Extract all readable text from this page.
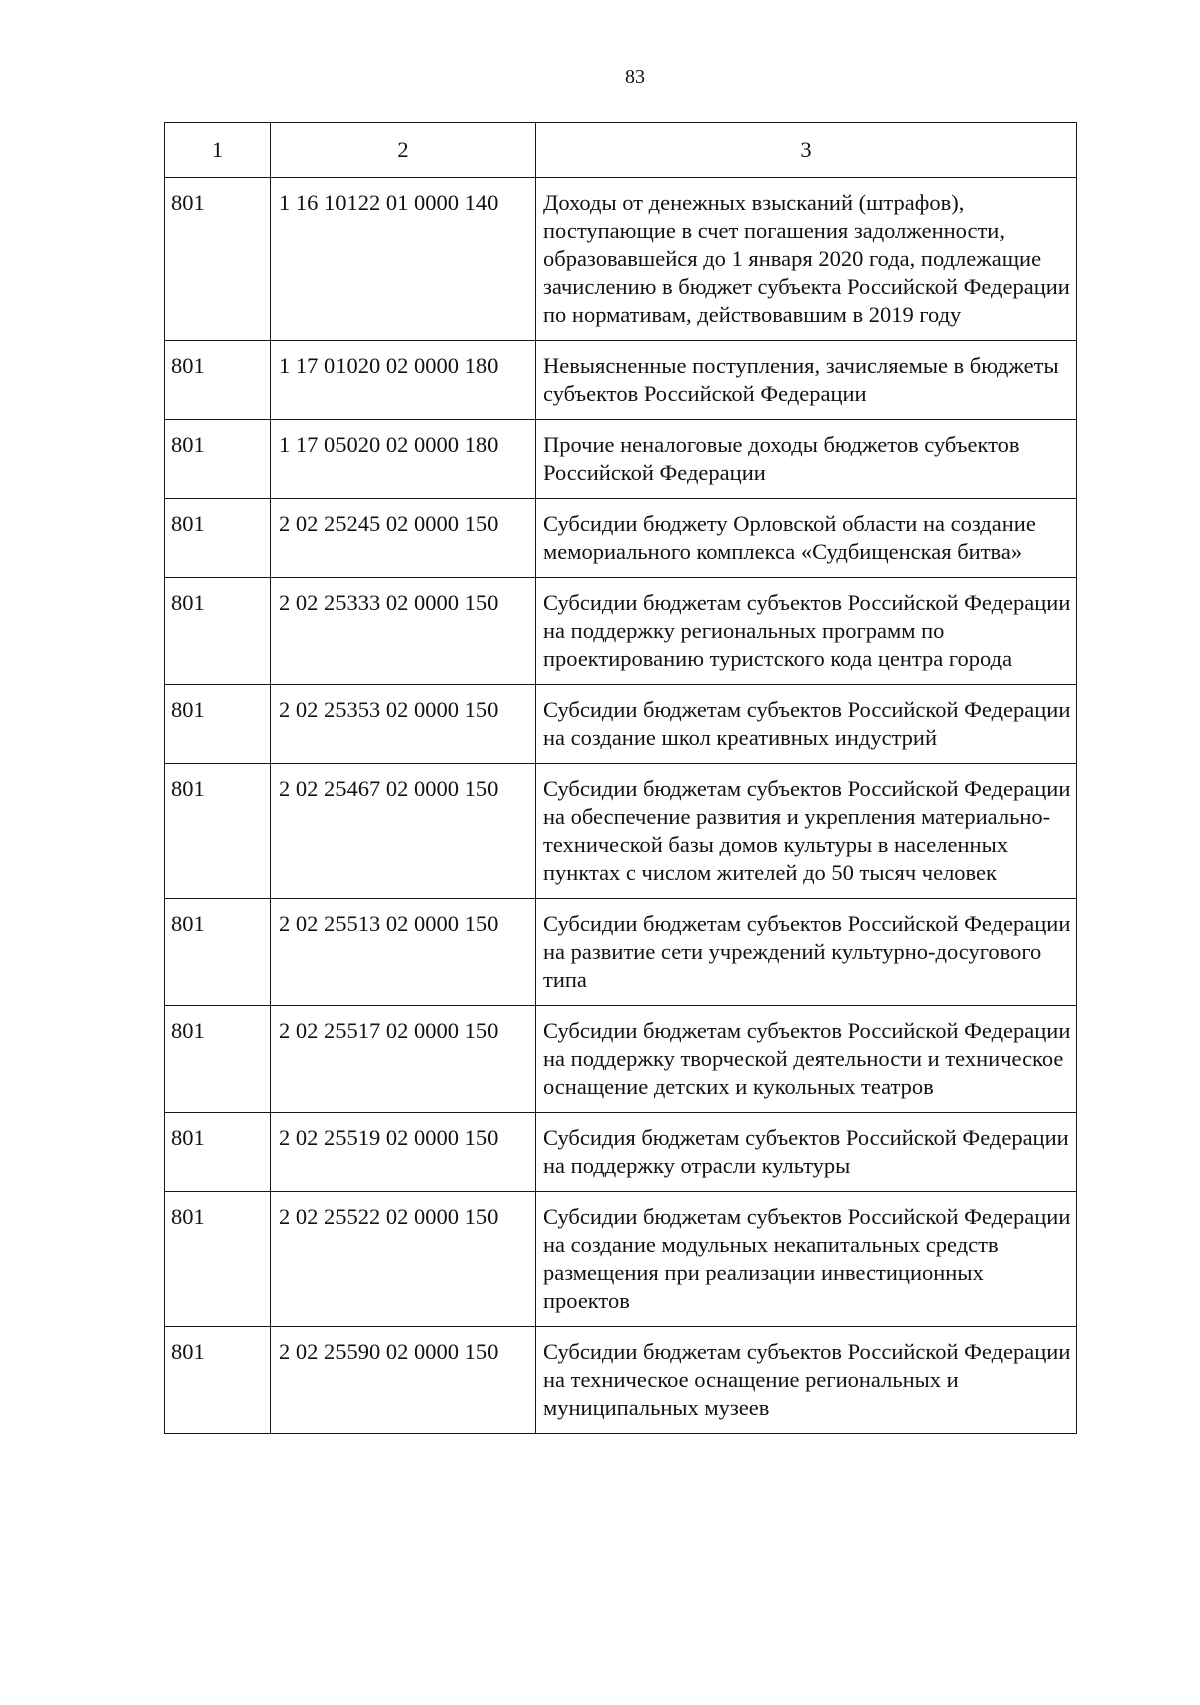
83
1	2	3
801	1 16 10122 01 0000 140	Доходы от денежных взысканий (штрафов), поступающие в счет погашения задолженности, образовавшейся до 1 января 2020 года, подлежащие зачислению в бюджет субъекта Российской Федерации по нормативам, действовавшим в 2019 году
801	1 17 01020 02 0000 180	Невыясненные поступления, зачисляемые в бюджеты субъектов Российской Федерации
801	1 17 05020 02 0000 180	Прочие неналоговые доходы бюджетов субъектов Российской Федерации
801	2 02 25245 02 0000 150	Субсидии бюджету Орловской области на создание мемориального комплекса «Судбищенская битва»
801	2 02 25333 02 0000 150	Субсидии бюджетам субъектов Российской Федерации на поддержку региональных программ по проектированию туристского кода центра города
801	2 02 25353 02 0000 150	Субсидии бюджетам субъектов Российской Федерации на создание школ креативных индустрий
801	2 02 25467 02 0000 150	Субсидии бюджетам субъектов Российской Федерации на обеспечение развития и укрепления материально-технической базы домов культуры в населенных пунктах с числом жителей до 50 тысяч человек
801	2 02 25513 02 0000 150	Субсидии бюджетам субъектов Российской Федерации на развитие сети учреждений культурно-досугового типа
801	2 02 25517 02 0000 150	Субсидии бюджетам субъектов Российской Федерации на поддержку творческой деятельности и техническое оснащение детских и кукольных театров
801	2 02 25519 02 0000 150	Субсидия бюджетам субъектов Российской Федерации на поддержку отрасли культуры
801	2 02 25522 02 0000 150	Субсидии бюджетам субъектов Российской Федерации на создание модульных некапитальных средств размещения при реализации инвестиционных проектов
801	2 02 25590 02 0000 150	Субсидии бюджетам субъектов Российской Федерации на техническое оснащение региональных и муниципальных музеев
